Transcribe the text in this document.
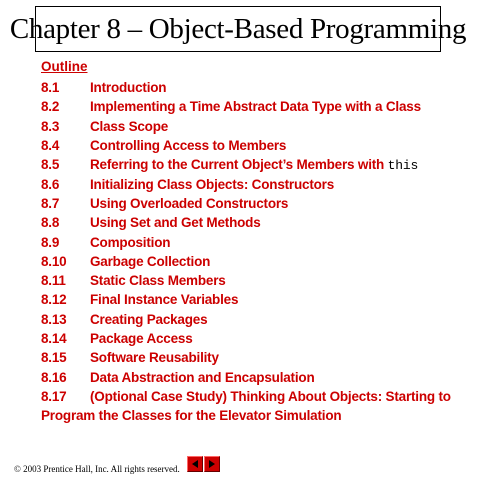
Chapter 8 – Object-Based Programming
Outline
8.1	Introduction
8.2	Implementing a Time Abstract Data Type with a Class
8.3	Class Scope
8.4	Controlling Access to Members
8.5	Referring to the Current Object’s Members with this
8.6	Initializing Class Objects: Constructors
8.7	Using Overloaded Constructors
8.8	Using Set and Get Methods
8.9	Composition
8.10	Garbage Collection
8.11	Static Class Members
8.12	Final Instance Variables
8.13	Creating Packages
8.14	Package Access
8.15	Software Reusability
8.16	Data Abstraction and Encapsulation
8.17	(Optional Case Study) Thinking About Objects: Starting to
Program the Classes for the Elevator Simulation
© 2003 Prentice Hall, Inc. All rights reserved.
